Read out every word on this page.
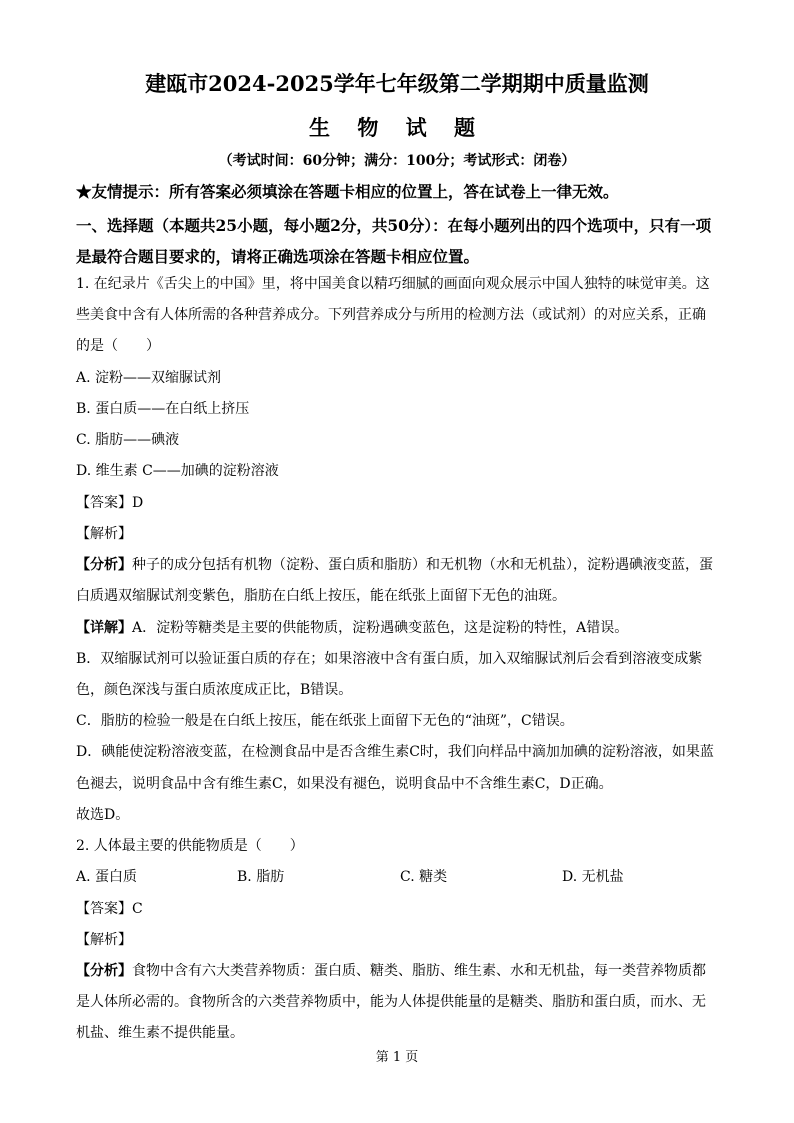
建瓯市2024-2025学年七年级第二学期期中质量监测
生 物 试 题
（考试时间：60分钟；满分：100分；考试形式：闭卷）
★友情提示：所有答案必须填涂在答题卡相应的位置上，答在试卷上一律无效。
一、选择题（本题共25小题，每小题2分，共50分）：在每小题列出的四个选项中，只有一项是最符合题目要求的，请将正确选项涂在答题卡相应位置。
1. 在纪录片《舌尖上的中国》里，将中国美食以精巧细腻的画面向观众展示中国人独特的味觉审美。这
些美食中含有人体所需的各种营养成分。下列营养成分与所用的检测方法（或试剂）的对应关系，正确
的是（　　）
A. 淀粉——双缩脲试剂
B. 蛋白质——在白纸上挤压
C. 脂肪——碘液
D. 维生素 C——加碘的淀粉溶液
【答案】D
【解析】
【分析】种子的成分包括有机物（淀粉、蛋白质和脂肪）和无机物（水和无机盐），淀粉遇碘液变蓝，蛋
白质遇双缩脲试剂变紫色，脂肪在白纸上按压，能在纸张上面留下无色的油斑。
【详解】A．淀粉等糖类是主要的供能物质，淀粉遇碘变蓝色，这是淀粉的特性，A错误。
B．双缩脲试剂可以验证蛋白质的存在；如果溶液中含有蛋白质，加入双缩脲试剂后会看到溶液变成紫
色，颜色深浅与蛋白质浓度成正比，B错误。
C．脂肪的检验一般是在白纸上按压，能在纸张上面留下无色的“油斑”，C错误。
D．碘能使淀粉溶液变蓝，在检测食品中是否含维生素C时，我们向样品中滴加加碘的淀粉溶液，如果蓝
色褪去，说明食品中含有维生素C，如果没有褪色，说明食品中不含维生素C，D正确。
故选D。
2. 人体最主要的供能物质是（　　）
A. 蛋白质	B. 脂肪	C. 糖类	D. 无机盐
【答案】C
【解析】
【分析】食物中含有六大类营养物质：蛋白质、糖类、脂肪、维生素、水和无机盐，每一类营养物质都
是人体所必需的。食物所含的六类营养物质中，能为人体提供能量的是糖类、脂肪和蛋白质，而水、无
机盐、维生素不提供能量。
第 1 页
